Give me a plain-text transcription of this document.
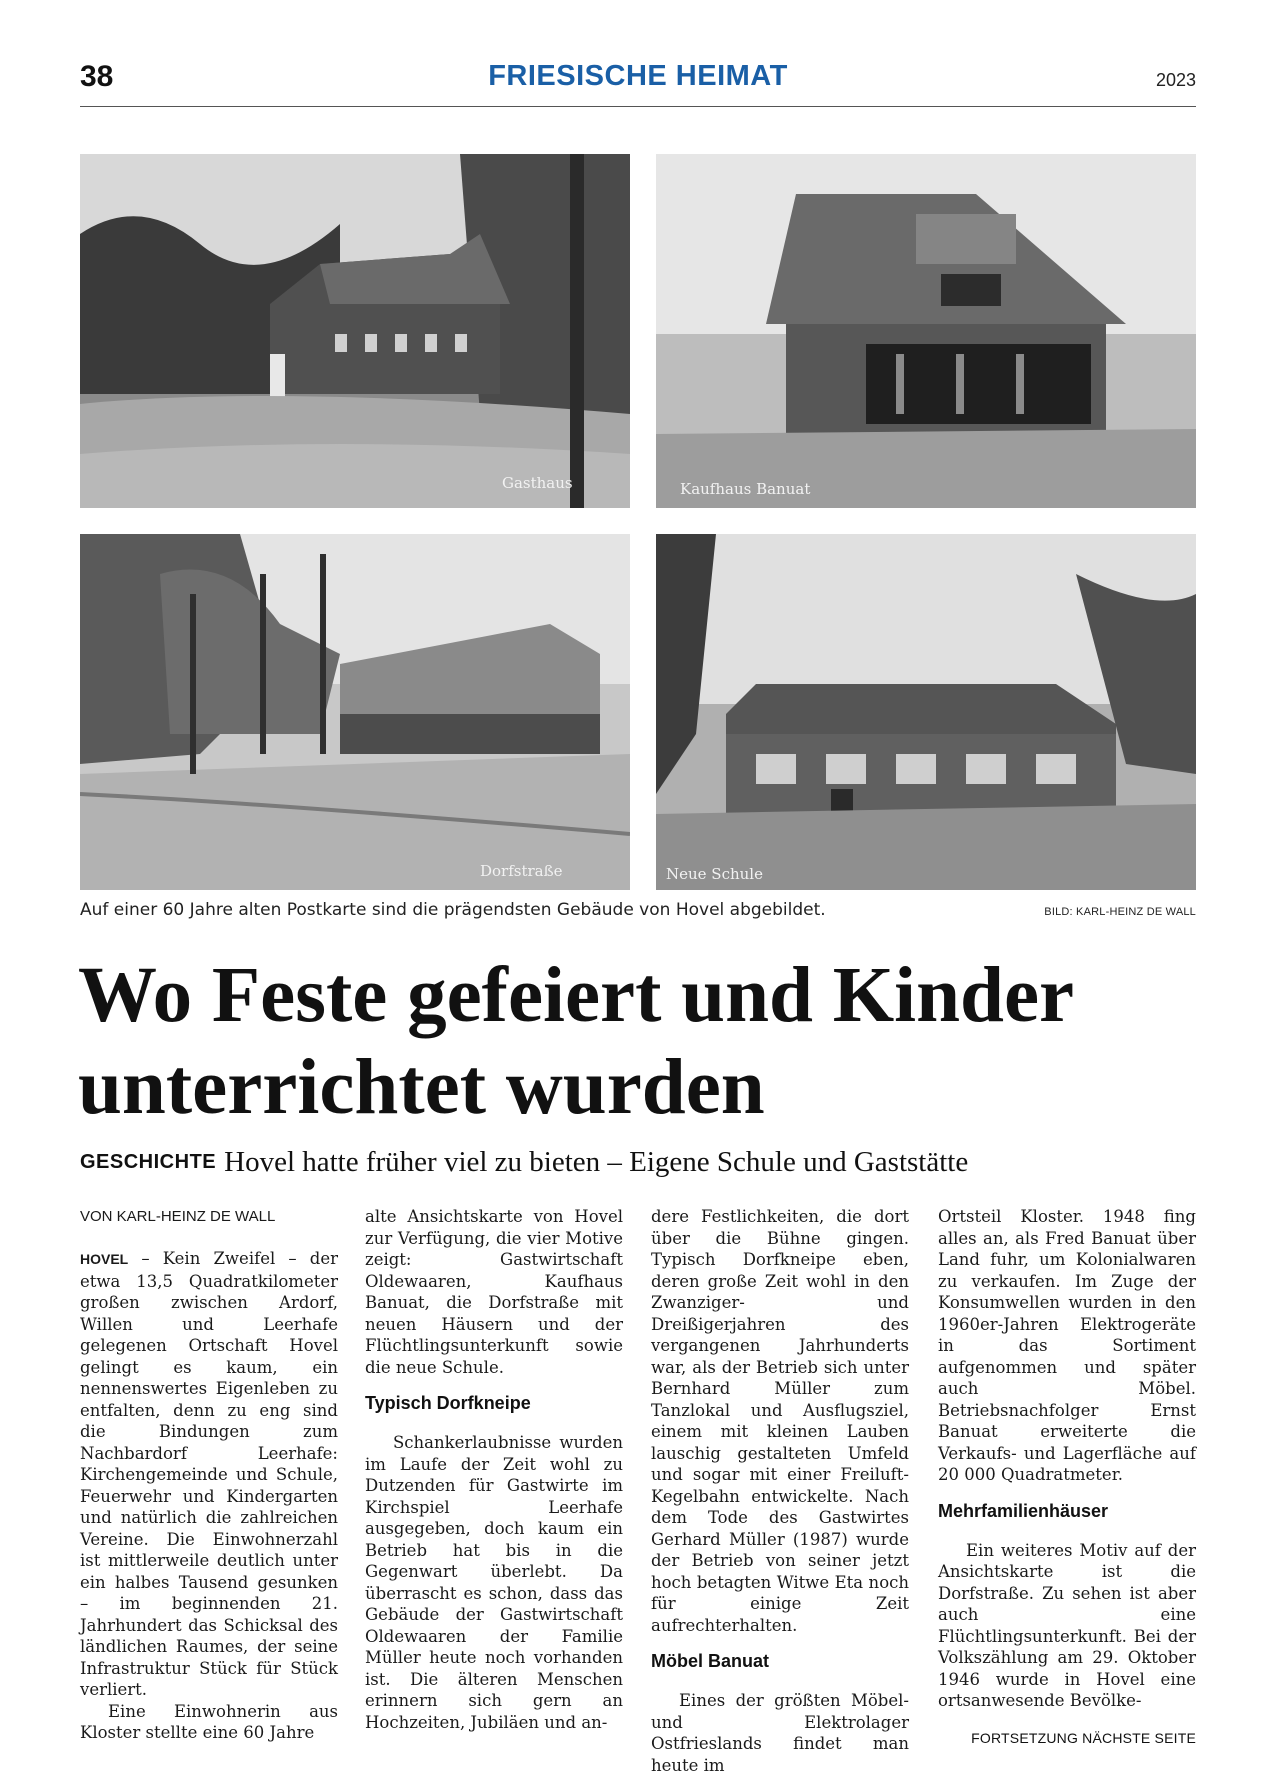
38	FRIESISCHE HEIMAT	2023
Gasthaus	Kaufhaus Banuat
Dorfstraße	Neue Schule
Auf einer 60 Jahre alten Postkarte sind die prägendsten Gebäude von Hovel abgebildet.	BILD: KARL-HEINZ DE WALL
Wo Feste gefeiert und Kinder unterrichtet wurden
GESCHICHTE Hovel hatte früher viel zu bieten – Eigene Schule und Gaststätte

VON KARL-HEINZ DE WALL

HOVEL – Kein Zweifel – der etwa 13,5 Quadratkilometer großen zwischen Ardorf, Willen und Leerhafe gelegenen Ortschaft Hovel gelingt es kaum, ein nennenswertes Eigenleben zu entfalten, denn zu eng sind die Bindungen zum Nachbardorf Leerhafe: Kirchengemeinde und Schule, Feuerwehr und Kindergarten und natürlich die zahlreichen Vereine. Die Einwohnerzahl ist mittlerweile deutlich unter ein halbes Tausend gesunken – im beginnenden 21. Jahrhundert das Schicksal des ländlichen Raumes, der seine Infrastruktur Stück für Stück verliert.

Eine Einwohnerin aus Kloster stellte eine 60 Jahre

alte Ansichtskarte von Hovel zur Verfügung, die vier Motive zeigt: Gastwirtschaft Oldewaaren, Kaufhaus Banuat, die Dorfstraße mit neuen Häusern und der Flüchtlingsunterkunft sowie die neue Schule.

Typisch Dorfkneipe

Schankerlaubnisse wurden im Laufe der Zeit wohl zu Dutzenden für Gastwirte im Kirchspiel Leerhafe ausgegeben, doch kaum ein Betrieb hat bis in die Gegenwart überlebt. Da überrascht es schon, dass das Gebäude der Gastwirtschaft Oldewaaren der Familie Müller heute noch vorhanden ist. Die älteren Menschen erinnern sich gern an Hochzeiten, Jubiläen und an-

dere Festlichkeiten, die dort über die Bühne gingen. Typisch Dorfkneipe eben, deren große Zeit wohl in den Zwanziger- und Dreißigerjahren des vergangenen Jahrhunderts war, als der Betrieb sich unter Bernhard Müller zum Tanzlokal und Ausflugsziel, einem mit kleinen Lauben lauschig gestalteten Umfeld und sogar mit einer Freiluft-Kegelbahn entwickelte. Nach dem Tode des Gastwirtes Gerhard Müller (1987) wurde der Betrieb von seiner jetzt hoch betagten Witwe Eta noch für einige Zeit aufrechterhalten.

Möbel Banuat

Eines der größten Möbel- und Elektrolager Ostfrieslands findet man heute im

Ortsteil Kloster. 1948 fing alles an, als Fred Banuat über Land fuhr, um Kolonialwaren zu verkaufen. Im Zuge der Konsumwellen wurden in den 1960er-Jahren Elektrogeräte in das Sortiment aufgenommen und später auch Möbel. Betriebsnachfolger Ernst Banuat erweiterte die Verkaufs- und Lagerfläche auf 20 000 Quadratmeter.

Mehrfamilienhäuser

Ein weiteres Motiv auf der Ansichtskarte ist die Dorfstraße. Zu sehen ist aber auch eine Flüchtlingsunterkunft. Bei der Volkszählung am 29. Oktober 1946 wurde in Hovel eine ortsanwesende Bevölke-

FORTSETZUNG NÄCHSTE SEITE
